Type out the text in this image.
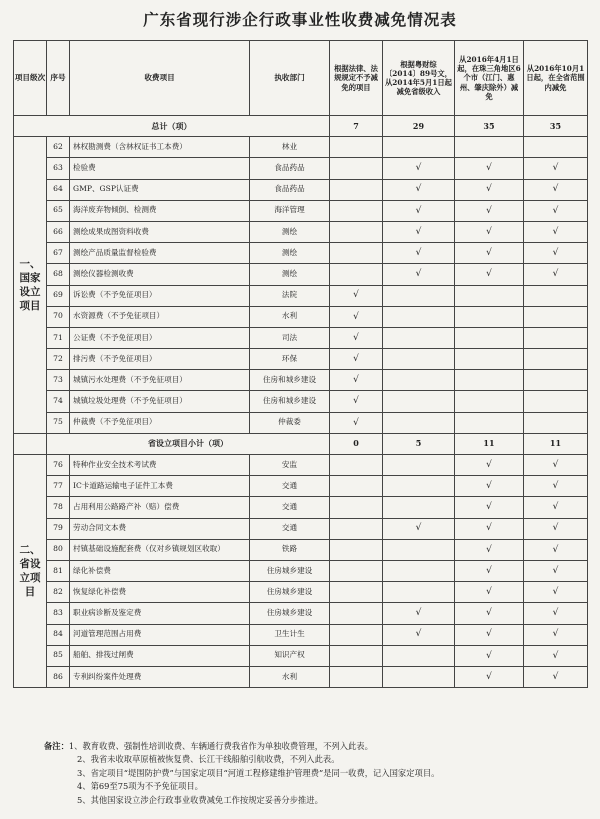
广东省现行涉企行政事业性收费减免情况表
项目级次	序号	收费项目	执收部门	根据法律、法规规定不予减免的项目	根据粤财综〔2014〕89号文，从2014年5月1日起减免省级收入	从2016年4月1日起，在珠三角地区6个市（江门、惠州、肇庆除外）减免	从2016年10月1日起，在全省范围内减免
总计（项）				7	29	35	35
一、国家设立项目	62	林权勘测费（含林权证书工本费）	林业				
	63	检验费	食品药品		√	√	√
	64	GMP、GSP认证费	食品药品		√	√	√
	65	海洋废弃物倾倒、检测费	海洋管理		√	√	√
	66	测绘成果成图资料收费	测绘		√	√	√
	67	测绘产品质量监督检验费	测绘		√	√	√
	68	测绘仪器检测收费	测绘		√	√	√
	69	诉讼费（不予免征项目）	法院	√			
	70	水资源费（不予免征项目）	水利	√			
	71	公证费（不予免征项目）	司法	√			
	72	排污费（不予免征项目）	环保	√			
	73	城镇污水处理费（不予免征项目）	住房和城乡建设	√			
	74	城镇垃圾处理费（不予免征项目）	住房和城乡建设	√			
	75	仲裁费（不予免征项目）	仲裁委	√			
	省设立项目小计（项）			0	5	11	11
二、省设立项目	76	特种作业安全技术考试费	安监			√	√
	77	IC卡道路运输电子证件工本费	交通			√	√
	78	占用利用公路路产补（赔）偿费	交通			√	√
	79	劳动合同文本费	交通		√	√	√
	80	村镇基础设施配套费（仅对乡镇规划区收取）	铁路			√	√
	81	绿化补偿费	住房城乡建设			√	√
	82	恢复绿化补偿费	住房城乡建设			√	√
	83	职业病诊断及鉴定费	住房城乡建设		√	√	√
	84	河道管理范围占用费	卫生计生		√	√	√
	85	船舶、排筏过闸费	知识产权			√	√
	86	专利纠纷案件处理费	水利			√	√
备注：1、教育收费、强制性培训收费、车辆通行费我省作为单独收费管理，不列入此表。
2、我省未收取草原植被恢复费、长江干线船舶引航收费，不列入此表。
3、省定项目“堤围防护费”与国家定项目“河道工程修建维护管理费”是同一收费，记入国家定项目。
4、第69至75项为不予免征项目。
5、其他国家设立涉企行政事业收费减免工作按规定妥善分步推进。
